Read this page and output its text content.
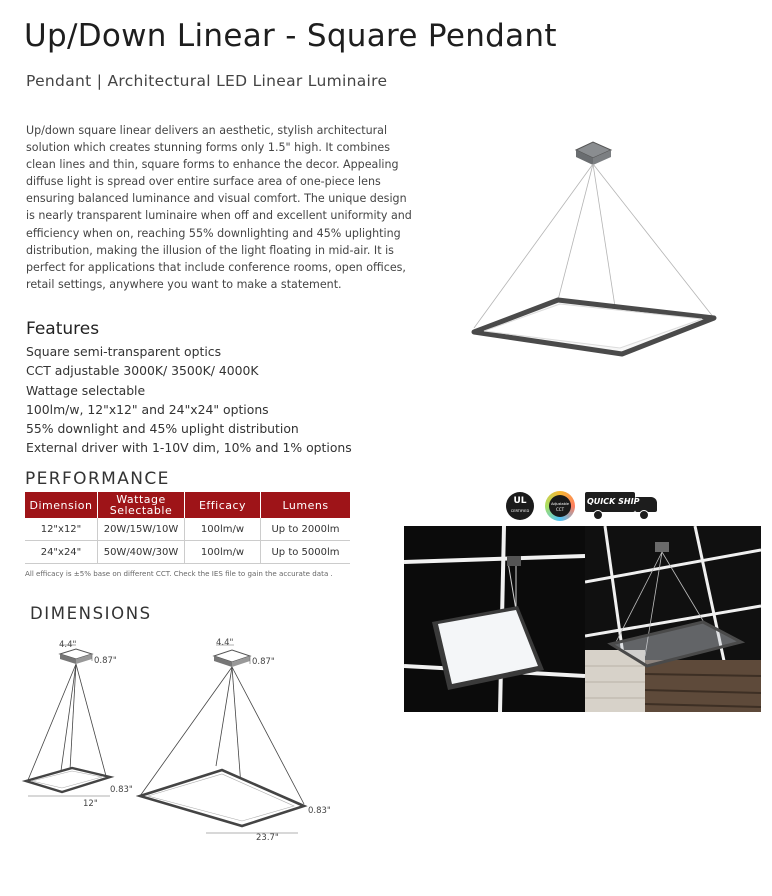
Up/Down Linear - Square Pendant
Pendant | Architectural LED Linear Luminaire
Up/down square linear delivers an aesthetic, stylish architectural solution which creates stunning forms only 1.5" high. It combines clean lines and thin, square forms to enhance the decor. Appealing diffuse light is spread over entire surface area of one-piece lens ensuring balanced luminance and visual comfort. The unique design is nearly transparent luminaire when off and excellent uniformity and efficiency when on, reaching 55% downlighting and 45% uplighting distribution, making the illusion of the light floating in mid-air. It is perfect for applications that include conference rooms, open offices, retail settings, anywhere you want to make a statement.
Features
Square semi-transparent optics
CCT adjustable 3000K/ 3500K/ 4000K
Wattage selectable
100lm/w, 12"x12" and 24"x24" options
55% downlight and 45% uplight distribution
External driver with 1-10V dim, 10% and 1% options
PERFORMANCE
Dimension	Wattage Selectable	Efficacy	Lumens
12"x12"	20W/15W/10W	100lm/w	Up to 2000lm
24"x24"	50W/40W/30W	100lm/w	Up to 5000lm
All efficacy is ±5% base on different CCT. Check the IES file to gain the accurate data .
DIMENSIONS
4.4"
0.87"
0.83"
12"
4.4"
0.87"
0.83"
23.7"
UL
CERTIFIED
Adjustable
CCT
QUICK SHIP
